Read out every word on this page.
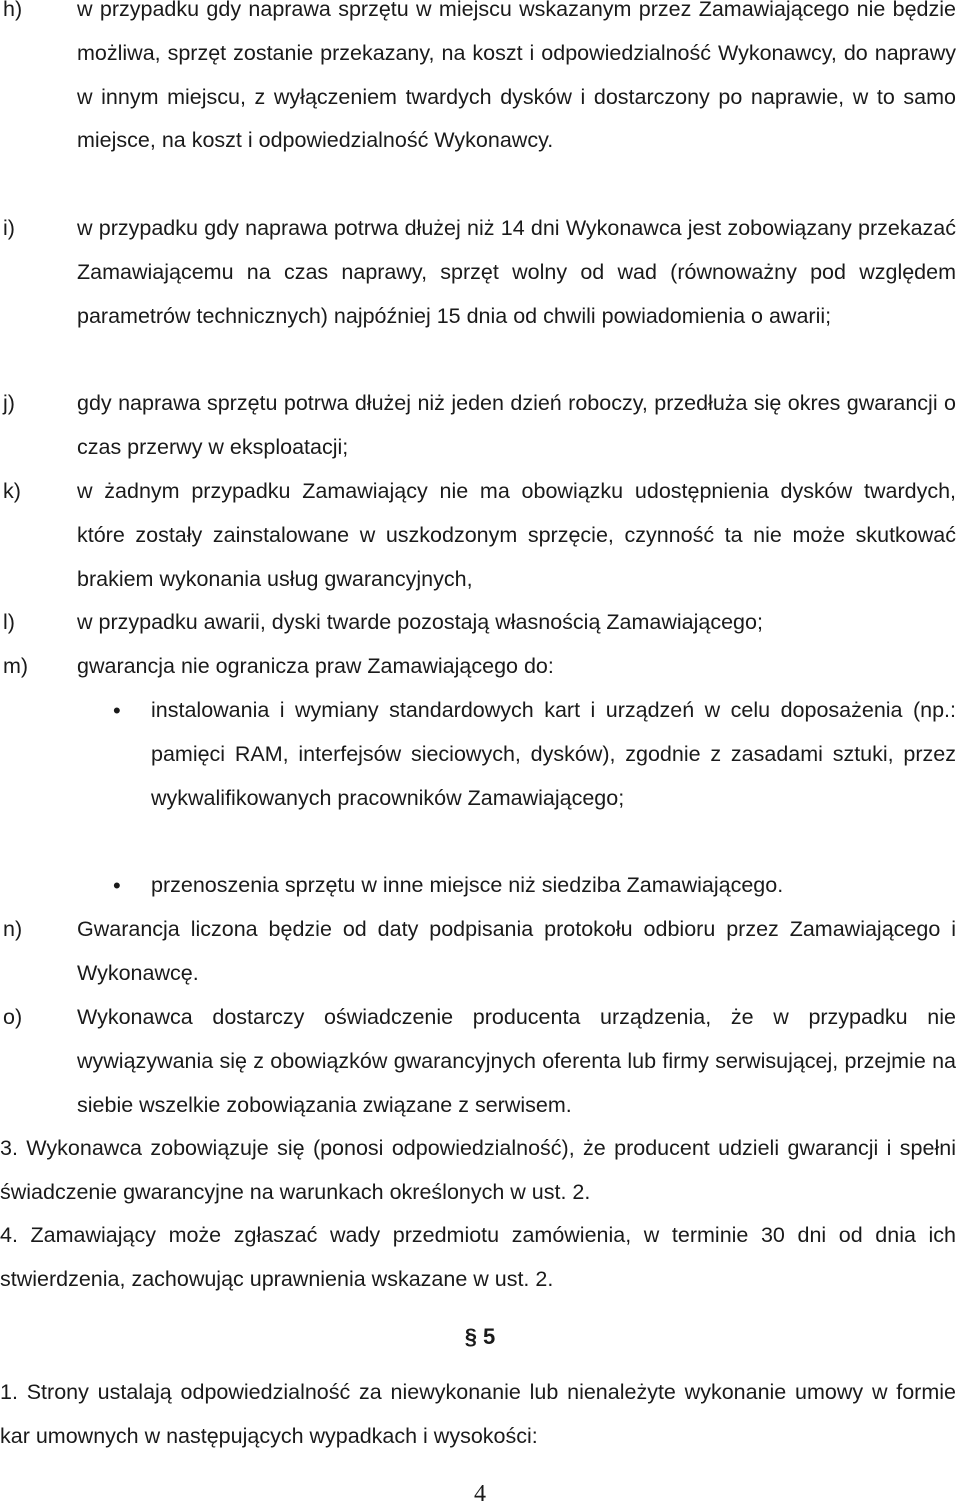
h)	w przypadku gdy naprawa sprzętu w miejscu wskazanym przez Zamawiającego nie będzie możliwa, sprzęt zostanie przekazany, na koszt i odpowiedzialność Wykonawcy, do naprawy w innym miejscu, z wyłączeniem twardych dysków i dostarczony po naprawie, w to samo miejsce, na koszt i odpowiedzialność Wykonawcy.
i)	w przypadku gdy naprawa potrwa dłużej niż 14 dni Wykonawca jest zobowiązany przekazać Zamawiającemu na czas naprawy, sprzęt wolny od wad (równoważny pod względem parametrów technicznych) najpóźniej 15 dnia od chwili powiadomienia o awarii;
j)	gdy naprawa sprzętu potrwa dłużej niż jeden dzień roboczy, przedłuża się okres gwarancji o czas przerwy w eksploatacji;
k)	w żadnym przypadku Zamawiający nie ma obowiązku udostępnienia dysków twardych, które zostały zainstalowane w uszkodzonym sprzęcie, czynność ta nie może skutkować brakiem wykonania usług gwarancyjnych,
l)	w przypadku awarii, dyski twarde pozostają własnością Zamawiającego;
m) gwarancja nie ogranicza praw Zamawiającego do:
• instalowania i wymiany standardowych kart i urządzeń w celu doposażenia (np.: pamięci RAM, interfejsów sieciowych, dysków), zgodnie z zasadami sztuki, przez wykwalifikowanych pracowników Zamawiającego;
• przenoszenia sprzętu w inne miejsce niż siedziba Zamawiającego.
n)	Gwarancja liczona będzie od daty podpisania protokołu odbioru przez Zamawiającego i Wykonawcę.
o)	Wykonawca dostarczy oświadczenie producenta urządzenia, że w przypadku nie wywiązywania się z obowiązków gwarancyjnych oferenta lub firmy serwisującej, przejmie na siebie wszelkie zobowiązania związane z serwisem.
3. Wykonawca zobowiązuje się (ponosi odpowiedzialność), że producent udzieli gwarancji i spełni świadczenie gwarancyjne na warunkach określonych w ust. 2.
4. Zamawiający może zgłaszać wady przedmiotu zamówienia, w terminie 30 dni od dnia ich stwierdzenia, zachowując uprawnienia wskazane w ust. 2.
§ 5
1. Strony ustalają odpowiedzialność za niewykonanie lub nienależyte wykonanie umowy w formie kar umownych w następujących wypadkach i wysokości:
4
